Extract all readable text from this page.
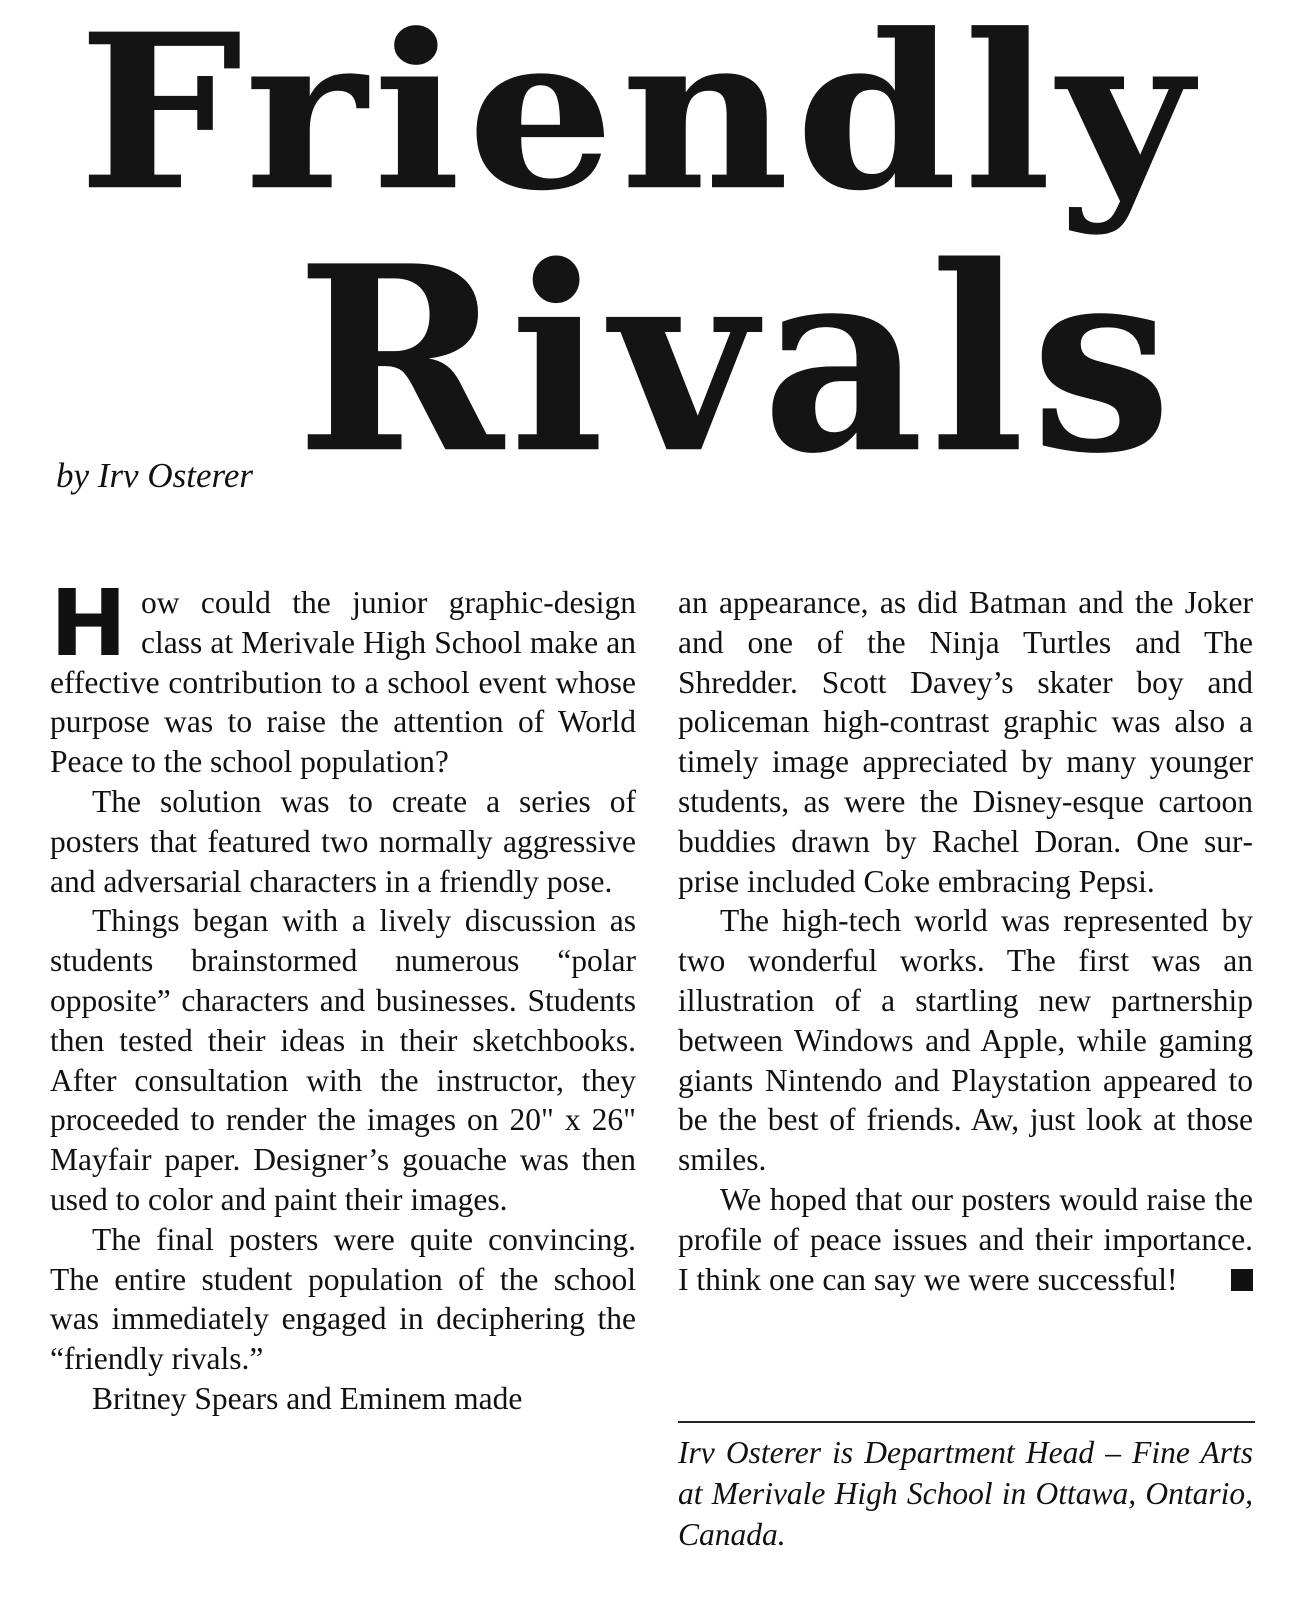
Friendly
Rivals
by Irv Osterer

How could the junior graphic-design class at Merivale High School make an effective contribution to a school event whose purpose was to raise the attention of World Peace to the school population?

The solution was to create a series of posters that featured two normally aggressive and adversarial characters in a friendly pose.

Things began with a lively discussion as students brainstormed numerous “polar opposite” characters and businesses. Students then tested their ideas in their sketchbooks. After consultation with the instructor, they proceeded to render the images on 20" x 26" Mayfair paper. Designer’s gouache was then used to color and paint their images.

The final posters were quite convincing. The entire student population of the school was immediately engaged in deciphering the “friendly rivals.”

Britney Spears and Eminem made

an appearance, as did Batman and the Joker and one of the Ninja Turtles and The Shredder. Scott Davey’s skater boy and policeman high-contrast graphic was also a timely image appreciated by many younger students, as were the Disney-esque cartoon buddies drawn by Rachel Doran. One surprise included Coke embracing Pepsi.

The high-tech world was represented by two wonderful works. The first was an illustration of a startling new partnership between Windows and Apple, while gaming giants Nintendo and Playstation appeared to be the best of friends. Aw, just look at those smiles.

We hoped that our posters would raise the profile of peace issues and their importance. I think one can say we were successful!

Irv Osterer is Department Head – Fine Arts at Merivale High School in Ottawa, Ontario, Canada.
